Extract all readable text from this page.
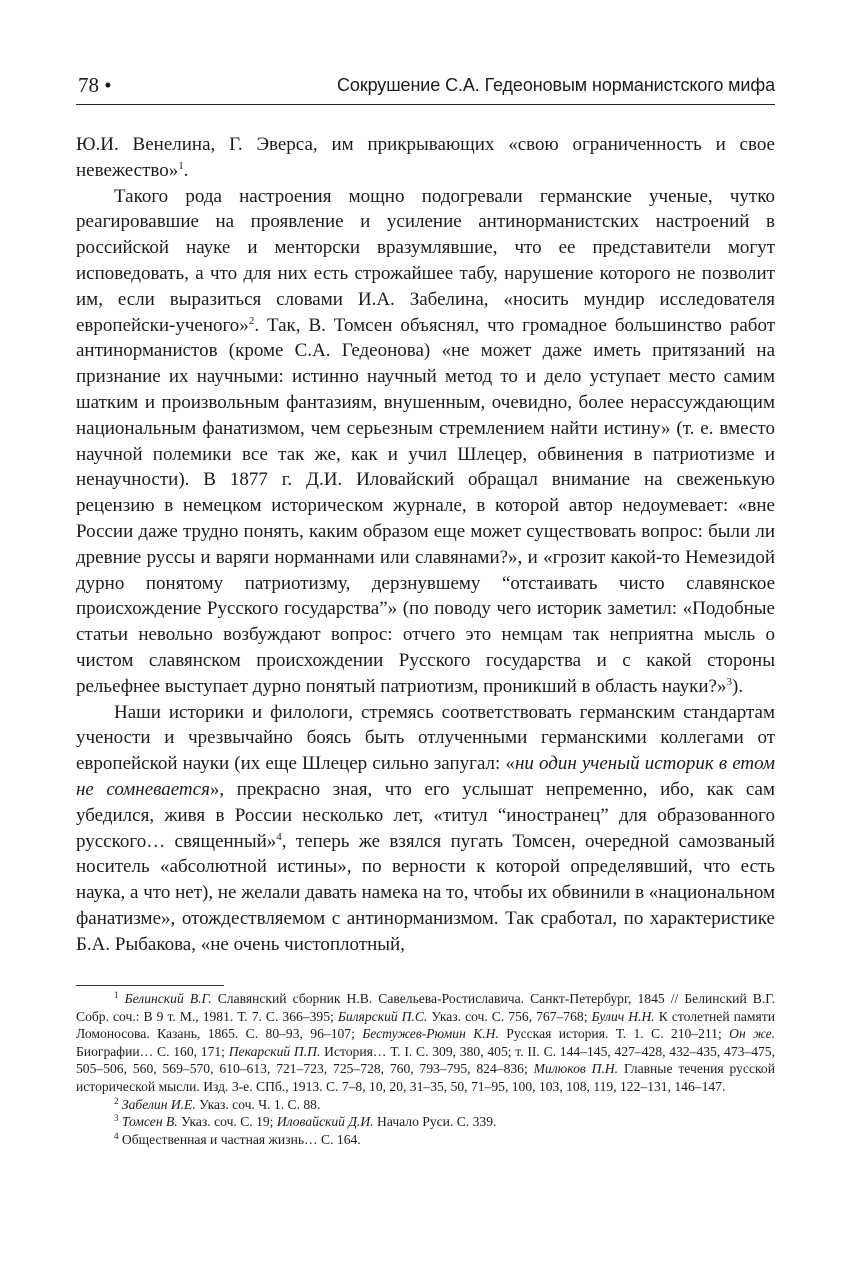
78 •	Сокрушение С.А. Гедеоновым норманистского мифа

Ю.И. Венелина, Г. Эверса, им прикрывающих «свою ограниченность и свое невежество»$^1$.

Такого рода настроения мощно подогревали германские ученые, чутко реагировавшие на проявление и усиление антинорманистских настроений в российской науке и менторски вразумлявшие, что ее представители могут исповедовать, а что для них есть строжайшее табу, нарушение которого не позволит им, если выразиться словами И.А. Забелина, «носить мундир исследователя европейски-ученого»$^2$. Так, В. Томсен объяснял, что громадное большинство работ антинорманистов (кроме С.А. Гедеонова) «не может даже иметь притязаний на признание их научными: истинно научный метод то и дело уступает место самим шатким и произвольным фантазиям, внушенным, очевидно, более нерассуждающим национальным фанатизмом, чем серьезным стремлением найти истину» (т. е. вместо научной полемики все так же, как и учил Шлецер, обвинения в патриотизме и ненаучности). В 1877 г. Д.И. Иловайский обращал внимание на свеженькую рецензию в немецком историческом журнале, в которой автор недоумевает: «вне России даже трудно понять, каким образом еще может существовать вопрос: были ли древние руссы и варяги норманнами или славянами?», и «грозит какой-то Немезидой дурно понятому патриотизму, дерзнувшему “отстаивать чисто славянское происхождение Русского государства”» (по поводу чего историк заметил: «Подобные статьи невольно возбуждают вопрос: отчего это немцам так неприятна мысль о чистом славянском происхождении Русского государства и с какой стороны рельефнее выступает дурно понятый патриотизм, проникший в область науки?»$^3$).

Наши историки и филологи, стремясь соответствовать германским стандартам учености и чрезвычайно боясь быть отлученными германскими коллегами от европейской науки (их еще Шлецер сильно запугал: «ни один ученый историк в етом не сомневается», прекрасно зная, что его услышат непременно, ибо, как сам убедился, живя в России несколько лет, «титул “иностранец” для образованного русского… священный»$^4$, теперь же взялся пугать Томсен, очередной самозваный носитель «абсолютной истины», по верности к которой определявший, что есть наука, а что нет), не желали давать намека на то, чтобы их обвинили в «национальном фанатизме», отождествляемом с антинорманизмом. Так сработал, по характеристике Б.А. Рыбакова, «не очень чистоплотный,

$^1$ Белинский В.Г. Славянский сборник Н.В. Савельева-Ростиславича. Санкт-Петербург, 1845 // Белинский В.Г. Собр. соч.: В 9 т. М., 1981. Т. 7. С. 366–395; Билярский П.С. Указ. соч. С. 756, 767–768; Булич Н.Н. К столетней памяти Ломоносова. Казань, 1865. С. 80–93, 96–107; Бестужев-Рюмин К.Н. Русская история. Т. 1. С. 210–211; Он же. Биографии… С. 160, 171; Пекарский П.П. История… Т. I. С. 309, 380, 405; т. II. С. 144–145, 427–428, 432–435, 473–475, 505–506, 560, 569–570, 610–613, 721–723, 725–728, 760, 793–795, 824–836; Милюков П.Н. Главные течения русской исторической мысли. Изд. 3-е. СПб., 1913. С. 7–8, 10, 20, 31–35, 50, 71–95, 100, 103, 108, 119, 122–131, 146–147.

$^2$ Забелин И.Е. Указ. соч. Ч. 1. С. 88.

$^3$ Томсен В. Указ. соч. С. 19; Иловайский Д.И. Начало Руси. С. 339.

$^4$ Общественная и частная жизнь… С. 164.
